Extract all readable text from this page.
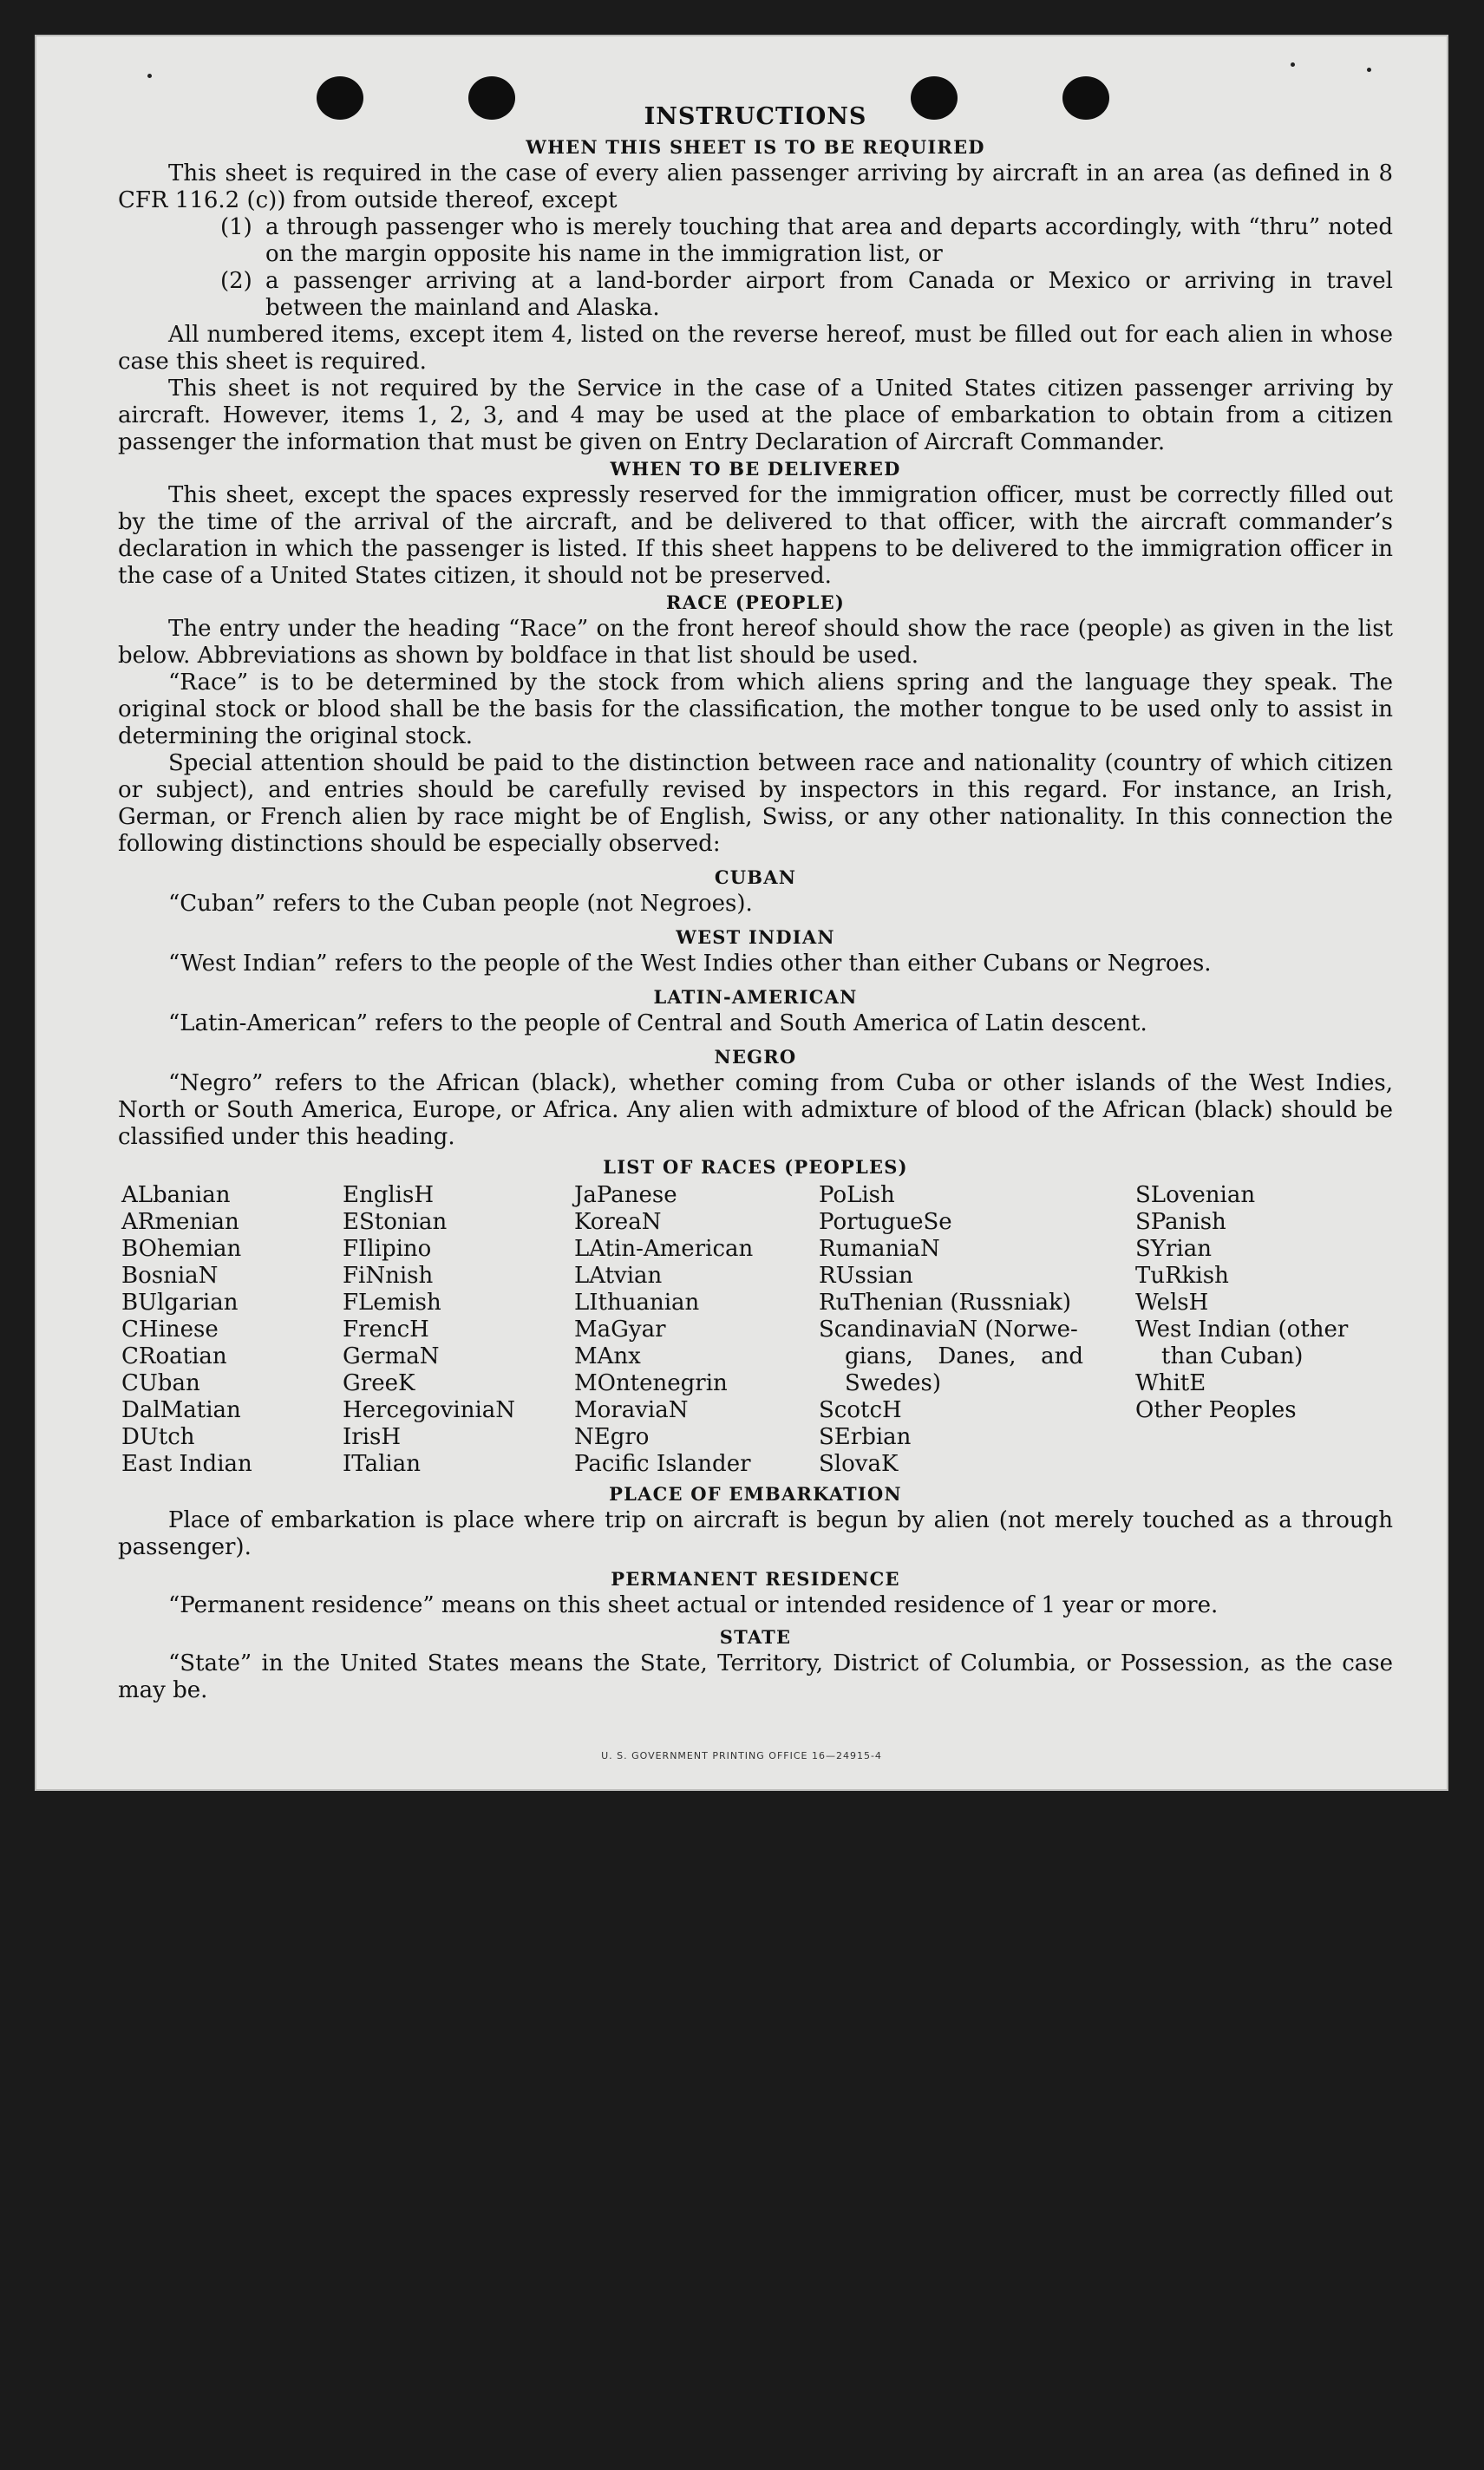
INSTRUCTIONS
WHEN THIS SHEET IS TO BE REQUIRED

This sheet is required in the case of every alien passenger arriving by aircraft in an area (as defined in 8 CFR 116.2 (c)) from outside thereof, except

(1) a through passenger who is merely touching that area and departs accordingly, with “thru” noted on the margin opposite his name in the immigration list, or
(2) a passenger arriving at a land-border airport from Canada or Mexico or arriving in travel between the mainland and Alaska.

All numbered items, except item 4, listed on the reverse hereof, must be filled out for each alien in whose case this sheet is required.

This sheet is not required by the Service in the case of a United States citizen passenger arriving by aircraft. However, items 1, 2, 3, and 4 may be used at the place of embarkation to obtain from a citizen passenger the information that must be given on Entry Declaration of Aircraft Commander.

WHEN TO BE DELIVERED

This sheet, except the spaces expressly reserved for the immigration officer, must be correctly filled out by the time of the arrival of the aircraft, and be delivered to that officer, with the aircraft commander’s declaration in which the passenger is listed. If this sheet happens to be delivered to the immigration officer in the case of a United States citizen, it should not be preserved.

RACE (PEOPLE)

The entry under the heading “Race” on the front hereof should show the race (people) as given in the list below. Abbreviations as shown by boldface in that list should be used.

“Race” is to be determined by the stock from which aliens spring and the language they speak. The original stock or blood shall be the basis for the classification, the mother tongue to be used only to assist in determining the original stock.

Special attention should be paid to the distinction between race and nationality (country of which citizen or subject), and entries should be carefully revised by inspectors in this regard. For instance, an Irish, German, or French alien by race might be of English, Swiss, or any other nationality. In this connection the following distinctions should be especially observed:

CUBAN

“Cuban” refers to the Cuban people (not Negroes).

WEST INDIAN

“West Indian” refers to the people of the West Indies other than either Cubans or Negroes.

LATIN-AMERICAN

“Latin-American” refers to the people of Central and South America of Latin descent.

NEGRO

“Negro” refers to the African (black), whether coming from Cuba or other islands of the West Indies, North or South America, Europe, or Africa. Any alien with admixture of blood of the African (black) should be classified under this heading.

LIST OF RACES (PEOPLES)
ALbanian
ARmenian
BOhemian
BosniaN
BUlgarian
CHinese
CRoatian
CUban
DalMatian
DUtch
East Indian
EnglisH
EStonian
FIlipino
FiNnish
FLemish
FrencH
GermaN
GreeK
HercegoviniaN
IrisH
ITalian
JaPanese
KoreaN
LAtin-American
LAtvian
LIthuanian
MaGyar
MAnx
MOntenegrin
MoraviaN
NEgro
Pacific Islander
PoLish
PortugueSe
RumaniaN
RUssian
RuThenian (Russniak)
ScandinaviaN (Norwe-
gians, Danes, and
Swedes)
ScotcH
SErbian
SlovaK
SLovenian
SPanish
SYrian
TuRkish
WelsH
West Indian (other
than Cuban)
WhitE
Other Peoples
PLACE OF EMBARKATION

Place of embarkation is place where trip on aircraft is begun by alien (not merely touched as a through passenger).

PERMANENT RESIDENCE

“Permanent residence” means on this sheet actual or intended residence of 1 year or more.

STATE

“State” in the United States means the State, Territory, District of Columbia, or Possession, as the case may be.

U. S. GOVERNMENT PRINTING OFFICE 16—24915-4
